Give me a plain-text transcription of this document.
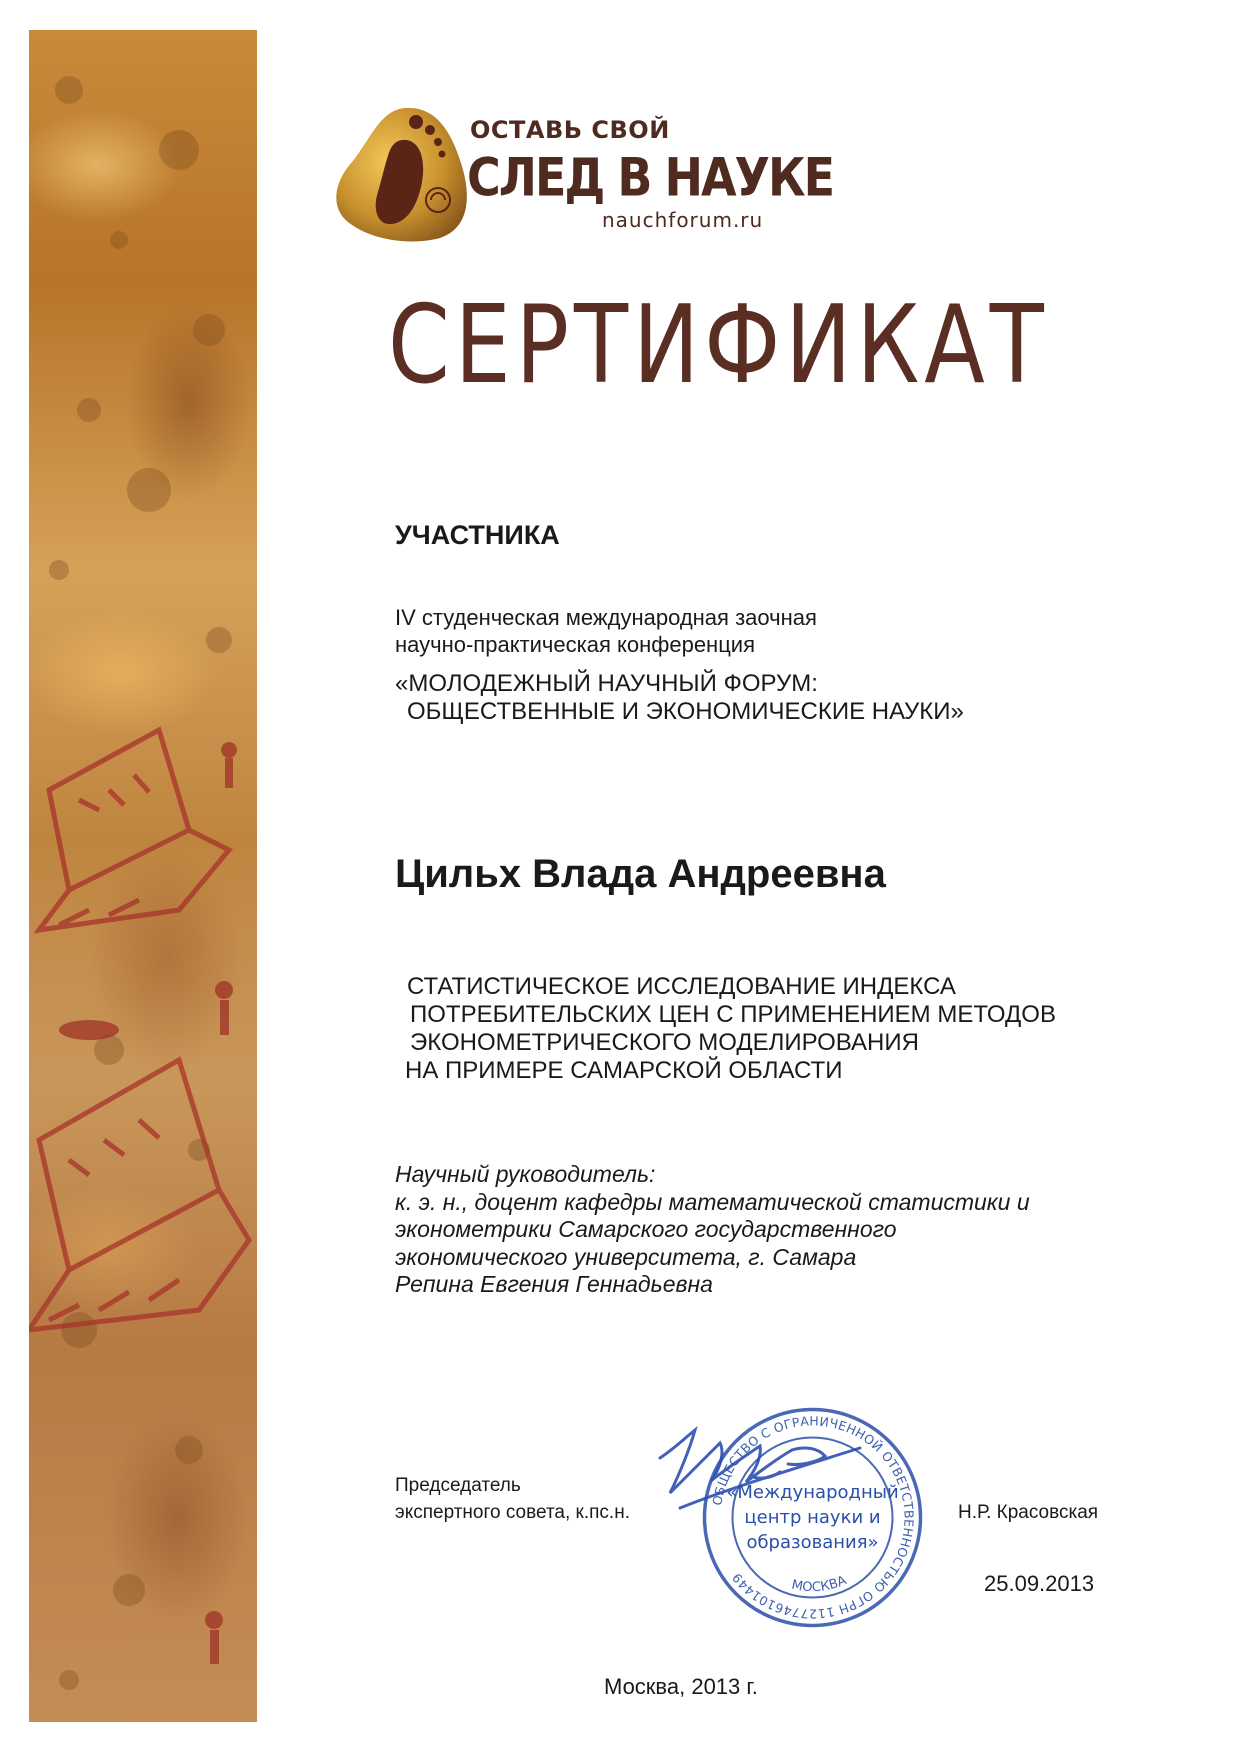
ОСТАВЬ СВОЙ
СЛЕД В НАУКЕ
nauchforum.ru
СЕРТИФИКАТ
УЧАСТНИКА
IV студенческая международная заочная
научно-практическая конференция
«МОЛОДЕЖНЫЙ НАУЧНЫЙ ФОРУМ:
ОБЩЕСТВЕННЫЕ И ЭКОНОМИЧЕСКИЕ НАУКИ»
Цильх Влада Андреевна
СТАТИСТИЧЕСКОЕ ИССЛЕДОВАНИЕ ИНДЕКСА
ПОТРЕБИТЕЛЬСКИХ ЦЕН С ПРИМЕНЕНИЕМ МЕТОДОВ
ЭКОНОМЕТРИЧЕСКОГО МОДЕЛИРОВАНИЯ
НА ПРИМЕРЕ САМАРСКОЙ ОБЛАСТИ
Научный руководитель:
к. э. н., доцент кафедры математической статистики и
эконометрики Самарского государственного
экономического университета, г. Самара
Репина Евгения Геннадьевна
Председатель
экспертного совета, к.пс.н.
ОБЩЕСТВО С ОГРАНИЧЕННОЙ ОТВЕТСТВЕННОСТЬЮ ОГРН 1127746101449	МОСКВА
«Международный
центр науки и
образования»
Н.Р. Красовская
25.09.2013
Москва, 2013 г.
